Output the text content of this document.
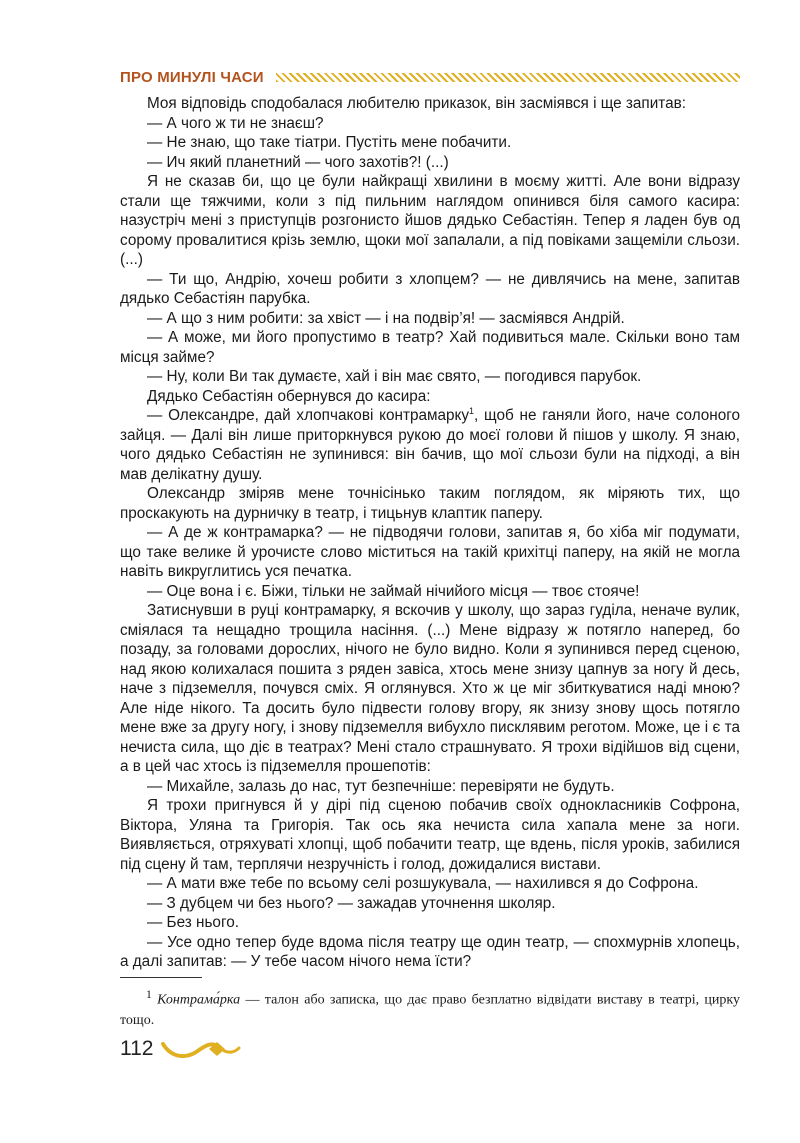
ПРО МИНУЛІ ЧАСИ

Моя відповідь сподобалася любителю приказок, він засміявся і ще запитав:

— А чого ж ти не знаєш?

— Не знаю, що таке тіатри. Пустіть мене побачити.

— Ич який планетний — чого захотів?! (...)

Я не сказав би, що це були найкращі хвилини в моєму житті. Але вони відразу стали ще тяжчими, коли з під пильним наглядом опинився біля самого касира: назустріч мені з приступців розгонисто йшов дядько Себастіян. Тепер я ладен був од сорому провалитися крізь землю, щоки мої запалали, а під повіками защеміли сльози. (...)

— Ти що, Андрію, хочеш робити з хлопцем? — не дивлячись на мене, запитав дядько Себастіян парубка.

— А що з ним робити: за хвіст — і на подвір’я! — засміявся Андрій.

— А може, ми його пропустимо в театр? Хай подивиться мале. Скільки воно там місця займе?

— Ну, коли Ви так думаєте, хай і він має свято, — погодився парубок.

Дядько Себастіян обернувся до касира:

— Олександре, дай хлопчакові контрамарку$^1$, щоб не ганяли його, наче солоного зайця. — Далі він лише приторкнувся рукою до моєї голови й пішов у школу. Я знаю, чого дядько Себастіян не зупинився: він бачив, що мої сльози були на підході, а він мав делікатну душу.

Олександр зміряв мене точнісінько таким поглядом, як міряють тих, що проскакують на дурничку в театр, і тицьнув клаптик паперу.

— А де ж контрамарка? — не підводячи голови, запитав я, бо хіба міг подумати, що таке велике й урочисте слово міститься на такій крихітці паперу, на якій не могла навіть викруглитись уся печатка.

— Оце вона і є. Біжи, тільки не займай нічийого місця — твоє стояче!

Затиснувши в руці контрамарку, я вскочив у школу, що зараз гуділа, неначе вулик, сміялася та нещадно трощила насіння. (...) Мене відразу ж потягло наперед, бо позаду, за головами дорослих, нічого не було видно. Коли я зупинився перед сценою, над якою колихалася пошита з ряден завіса, хтось мене знизу цапнув за ногу й десь, наче з підземелля, почувся сміх. Я оглянувся. Хто ж це міг збиткуватися наді мною? Але ніде нікого. Та досить було підвести голову вгору, як знизу знову щось потягло мене вже за другу ногу, і знову підземелля вибухло писклявим реготом. Може, це і є та нечиста сила, що діє в театрах? Мені стало страшнувато. Я трохи відійшов від сцени, а в цей час хтось із підземелля прошепотів:

— Михайле, залазь до нас, тут безпечніше: перевіряти не будуть.

Я трохи пригнувся й у дірі під сценою побачив своїх однокласників Софрона, Віктора, Уляна та Григорія. Так ось яка нечиста сила хапала мене за ноги. Виявляється, отряхуваті хлопці, щоб побачити театр, ще вдень, після уроків, забилися під сцену й там, терплячи незручність і голод, дожидалися вистави.

— А мати вже тебе по всьому селі розшукувала, — нахилився я до Софрона.

— З дубцем чи без нього? — зажадав уточнення школяр.

— Без нього.

— Усе одно тепер буде вдома після театру ще один театр, — спохмурнів хлопець, а далі запитав: — У тебе часом нічого нема їсти?

$^1$ Контрама́рка — талон або записка, що дає право безплатно відвідати виставу в театрі, цирку тощо.

112
